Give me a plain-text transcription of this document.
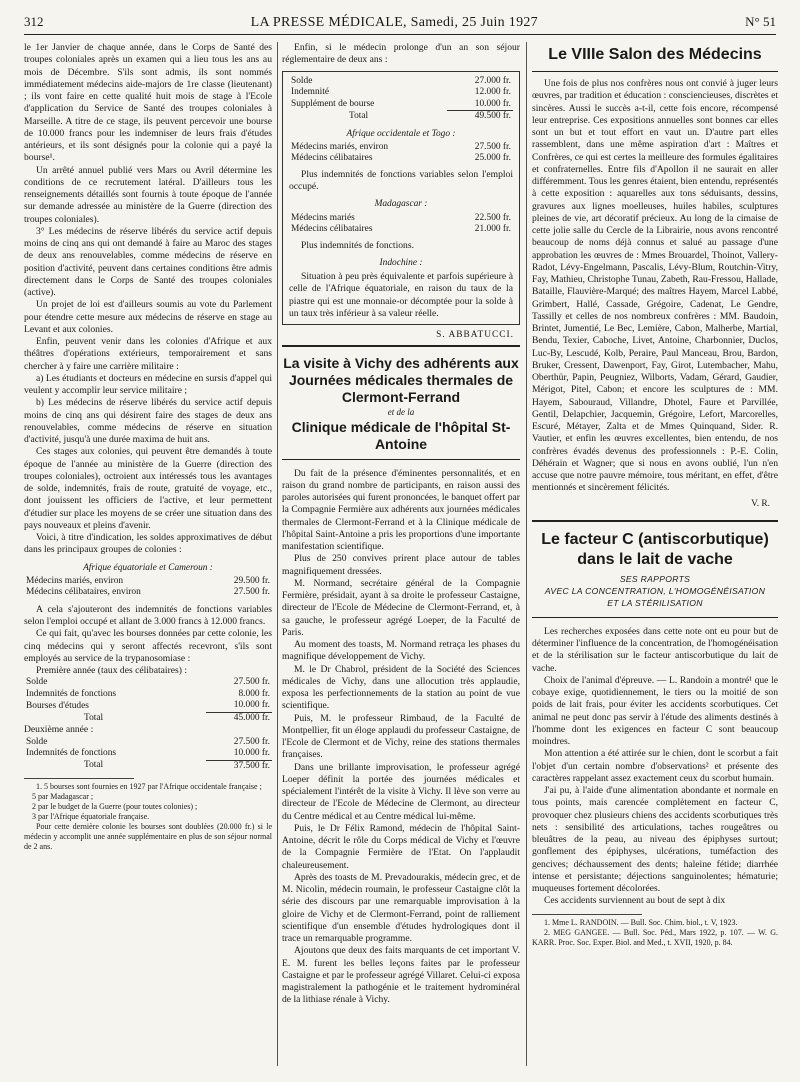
312	LA PRESSE MÉDICALE, Samedi, 25 Juin 1927	N° 51

le 1er Janvier de chaque année, dans le Corps de Santé des troupes coloniales après un examen qui a lieu tous les ans au mois de Décembre. S'ils sont admis, ils sont nommés immédiatement médecins aide-majors de 1re classe (lieutenant) ; ils vont faire en cette qualité huit mois de stage à l'Ecole d'application du Service de Santé des troupes coloniales à Marseille. A titre de ce stage, ils peuvent percevoir une bourse de 10.000 francs pour les indemniser de leurs frais d'études antérieurs, et ils sont désignés pour la colonie qui a payé la bourse¹.

Un arrêté annuel publié vers Mars ou Avril détermine les conditions de ce recrutement latéral. D'ailleurs tous les renseignements détaillés sont fournis à toute époque de l'année sur demande adressée au ministère de la Guerre (direction des troupes coloniales).

3° Les médecins de réserve libérés du service actif depuis moins de cinq ans qui ont demandé à faire au Maroc des stages de deux ans renouvelables, comme médecins de réserve en position d'activité, peuvent dans certaines conditions être admis directement dans le Corps de Santé des troupes coloniales (active).

Un projet de loi est d'ailleurs soumis au vote du Parlement pour étendre cette mesure aux médecins de réserve en stage au Levant et aux colonies.

Enfin, peuvent venir dans les colonies d'Afrique et aux théâtres d'opérations extérieurs, temporairement et sans chercher à y faire une carrière militaire :

a) Les étudiants et docteurs en médecine en sursis d'appel qui veulent y accomplir leur service militaire ;

b) Les médecins de réserve libérés du service actif depuis moins de cinq ans qui désirent faire des stages de deux ans renouvelables, comme médecins de réserve en situation d'activité, jusqu'à une durée maxima de huit ans.

Ces stages aux colonies, qui peuvent être demandés à toute époque de l'année au ministère de la Guerre (direction des troupes coloniales), octroient aux intéressés tous les avantages de solde, indemnités, frais de route, gratuité de voyage, etc., dont jouissent les officiers de l'active, et leur permettent d'étudier sur place les moyens de se créer une situation dans des pays nouveaux et pleins d'avenir.

Voici, à titre d'indication, les soldes approximatives de début dans les principaux groupes de colonies :

Afrique équatoriale et Cameroun :
Médecins mariés, environ	29.500 fr.
Médecins célibataires, environ	27.500 fr.

A cela s'ajouteront des indemnités de fonctions variables selon l'emploi occupé et allant de 3.000 francs à 12.000 francs.

Ce qui fait, qu'avec les bourses données par cette colonie, les cinq médecins qui y seront affectés recevront, s'ils sont employés au service de la trypanosomiase :

Première année (taux des célibataires) :

Solde	27.500 fr.
Indemnités de fonctions	8.000 fr.
Bourses d'études	10.000 fr.
Total	45.000 fr.

Deuxième année :

Solde	27.500 fr.
Indemnités de fonctions	10.000 fr.
Total	37.500 fr.

1. 5 bourses sont fournies en 1927 par l'Afrique occidentale française ;

5 par Madagascar ;

2 par le budget de la Guerre (pour toutes colonies) ;

3 par l'Afrique équatoriale française.

Pour cette dernière colonie les bourses sont doublées (20.000 fr.) si le médecin y accomplit une année supplémentaire en plus de son séjour normal de 2 ans.

Enfin, si le médecin prolonge d'un an son séjour réglementaire de deux ans :

Solde	27.000 fr.
Indemnité	12.000 fr.
Supplément de bourse	10.000 fr.
Total	49.500 fr.
Afrique occidentale et Togo :
Médecins mariés, environ	27.500 fr.
Médecins célibataires	25.000 fr.

Plus indemnités de fonctions variables selon l'emploi occupé.

Madagascar :
Médecins mariés	22.500 fr.
Médecins célibataires	21.000 fr.

Plus indemnités de fonctions.

Indochine :

Situation à peu près équivalente et parfois supérieure à celle de l'Afrique équatoriale, en raison du taux de la piastre qui est une monnaie-or décomptée pour la solde à un taux très inférieur à sa valeur réelle.

S. ABBATUCCI.
La visite à Vichy des adhérents aux Journées médicales thermales de Clermont-Ferrand
et de la
Clinique médicale de l'hôpital St-Antoine

Du fait de la présence d'éminentes personnalités, et en raison du grand nombre de participants, en raison aussi des paroles autorisées qui furent prononcées, le banquet offert par la Compagnie Fermière aux adhérents aux journées médicales thermales de Clermont-Ferrand et à la Clinique médicale de l'hôpital Saint-Antoine a pris les proportions d'une importante manifestation scientifique.

Plus de 250 convives prirent place autour de tables magnifiquement dressées.

M. Normand, secrétaire général de la Compagnie Fermière, présidait, ayant à sa droite le professeur Castaigne, directeur de l'Ecole de Médecine de Clermont-Ferrand, et, à sa gauche, le professeur agrégé Loeper, de la Faculté de Paris.

Au moment des toasts, M. Normand retraça les phases du magnifique développement de Vichy.

M. le Dr Chabrol, président de la Société des Sciences médicales de Vichy, dans une allocution très applaudie, exposa les perfectionnements de la station au point de vue scientifique.

Puis, M. le professeur Rimbaud, de la Faculté de Montpellier, fit un éloge applaudi du professeur Castaigne, de l'Ecole de Clermont et de Vichy, reine des stations thermales françaises.

Dans une brillante improvisation, le professeur agrégé Loeper définit la portée des journées médicales et spécialement l'intérêt de la visite à Vichy. Il lève son verre au directeur de l'Ecole de Médecine de Clermont, au directeur du Centre médical et au Centre médical lui-même.

Puis, le Dr Félix Ramond, médecin de l'hôpital Saint-Antoine, décrit le rôle du Corps médical de Vichy et l'œuvre de la Compagnie Fermière de l'Etat. On l'applaudit chaleureusement.

Après des toasts de M. Prevadourakis, médecin grec, et de M. Nicolin, médecin roumain, le professeur Castaigne clôt la série des discours par une remarquable improvisation à la gloire de Vichy et de Clermont-Ferrand, point de ralliement scientifique d'un ensemble d'études hydrologiques dont il trace un remarquable programme.

Ajoutons que deux des faits marquants de cet important V. E. M. furent les belles leçons faites par le professeur Castaigne et par le professeur agrégé Villaret. Celui-ci exposa magistralement la pathogénie et le traitement hydrominéral de la lithiase rénale à Vichy.

Le VIIIe Salon des Médecins

Une fois de plus nos confrères nous ont convié à juger leurs œuvres, par tradition et éducation : consciencieuses, discrètes et sincères. Aussi le succès a-t-il, cette fois encore, récompensé leur entreprise. Ces expositions annuelles sont bonnes car elles sont un but et tout effort en vaut un. D'autre part elles rassemblent, dans une même aspiration d'art : Maîtres et Confrères, ce qui est certes la meilleure des formules égalitaires et confraternelles. Entre fils d'Apollon il ne saurait en aller différemment. Tous les genres étaient, bien entendu, représentés à cette exposition : aquarelles aux tons séduisants, dessins, gravures aux lignes moelleuses, huiles habiles, sculptures pleines de vie, art décoratif précieux. Au long de la cimaise de cette jolie salle du Cercle de la Librairie, nous avons rencontré beaucoup de noms déjà connus et salué au passage d'une approbation les œuvres de : Mmes Brouardel, Thoinot, Vallery-Radot, Lévy-Engelmann, Pascalis, Lévy-Blum, Routchin-Vitry, Fay, Mathieu, Christophe Tunau, Zabeth, Rau-Fressou, Hallade, Bataille, Flauvière-Marqué; des maîtres Hayem, Marcel Labbé, Grimbert, Hallé, Cassade, Grégoire, Cadenat, Le Gendre, Tassilly et celles de nos nombreux confrères : MM. Baudoin, Brintet, Jumentié, Le Bec, Lemière, Cabon, Malherbe, Martial, Bendu, Texier, Caboche, Livet, Antoine, Charbonnier, Duclos, Luc-By, Lescudé, Kolb, Peraire, Paul Manceau, Brou, Bardon, Bruker, Cressent, Dawenport, Fay, Girot, Lutembacher, Mahu, Oberthür, Papin, Peugniez, Wilborts, Vadam, Gérard, Gaudier, Mérigot, Pitel, Cabon; et encore les sculptures de : MM. Hayem, Sabouraud, Villandre, Dhotel, Faure et Parvillée, Gentil, Delapchier, Jacquemin, Grégoire, Lefort, Marcorelles, Escuré, Métayer, Zalta et de Mmes Quinquand, Sider. R. Vautier, et enfin les œuvres excellentes, bien entendu, de nos confrères évadés devenus des professionnels : P.-E. Colin, Déhérain et Wagner; que si nous en avons oublié, l'un n'en accuse que notre pauvre mémoire, tous méritant, en effet, d'être mentionnés et sincèrement félicités.

V. R.
Le facteur C (antiscorbutique) dans le lait de vache
SES RAPPORTS
AVEC LA CONCENTRATION, L'HOMOGÉNÉISATION
ET LA STÉRILISATION

Les recherches exposées dans cette note ont eu pour but de déterminer l'influence de la concentration, de l'homogénéisation et de la stérilisation sur le facteur antiscorbutique du lait de vache.

Choix de l'animal d'épreuve. — L. Randoin a montré¹ que le cobaye exige, quotidiennement, le tiers ou la moitié de son poids de lait frais, pour éviter les accidents scorbutiques. Cet animal ne peut donc pas servir à l'étude des aliments destinés à l'homme dont les exigences en facteur C sont beaucoup moindres.

Mon attention a été attirée sur le chien, dont le scorbut a fait l'objet d'un certain nombre d'observations² et présente des caractères rappelant assez exactement ceux du scorbut humain.

J'ai pu, à l'aide d'une alimentation abondante et normale en tous points, mais carencée complètement en facteur C, provoquer chez plusieurs chiens des accidents scorbutiques très nets : sensibilité des articulations, taches rougeâtres ou bleuâtres de la peau, au niveau des épiphyses surtout; gonflement des épiphyses, ulcérations, tuméfaction des gencives; déchaussement des dents; haleine fétide; diarrhée intense et persistante; déjections sanguinolentes; hématurie; muqueuses fortement décolorées.

Ces accidents surviennent au bout de sept à dix

1. Mme L. RANDOIN. — Bull. Soc. Chim. biol., t. V, 1923.

2. MEG GANGEE. — Bull. Soc. Péd., Mars 1922, p. 107. — W. G. KARR. Proc. Soc. Exper. Biol. and Med., t. XVII, 1920, p. 84.
